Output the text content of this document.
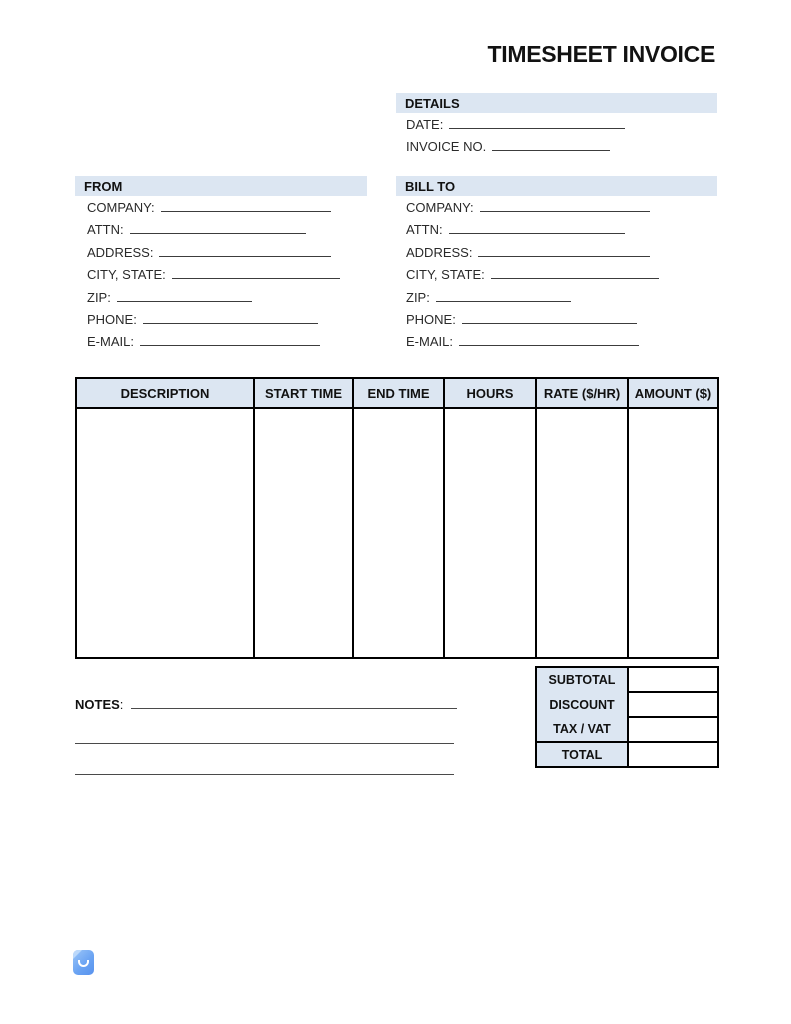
TIMESHEET INVOICE
DETAILS
DATE:
INVOICE NO.
FROM
COMPANY:
ATTN:
ADDRESS:
CITY, STATE:
ZIP:
PHONE:
E-MAIL:
BILL TO
COMPANY:
ATTN:
ADDRESS:
CITY, STATE:
ZIP:
PHONE:
E-MAIL:
DESCRIPTION	START TIME	END TIME	HOURS	RATE ($/HR)	AMOUNT ($)

SUBTOTAL	
DISCOUNT	
TAX / VAT	
TOTAL	
NOTES :
